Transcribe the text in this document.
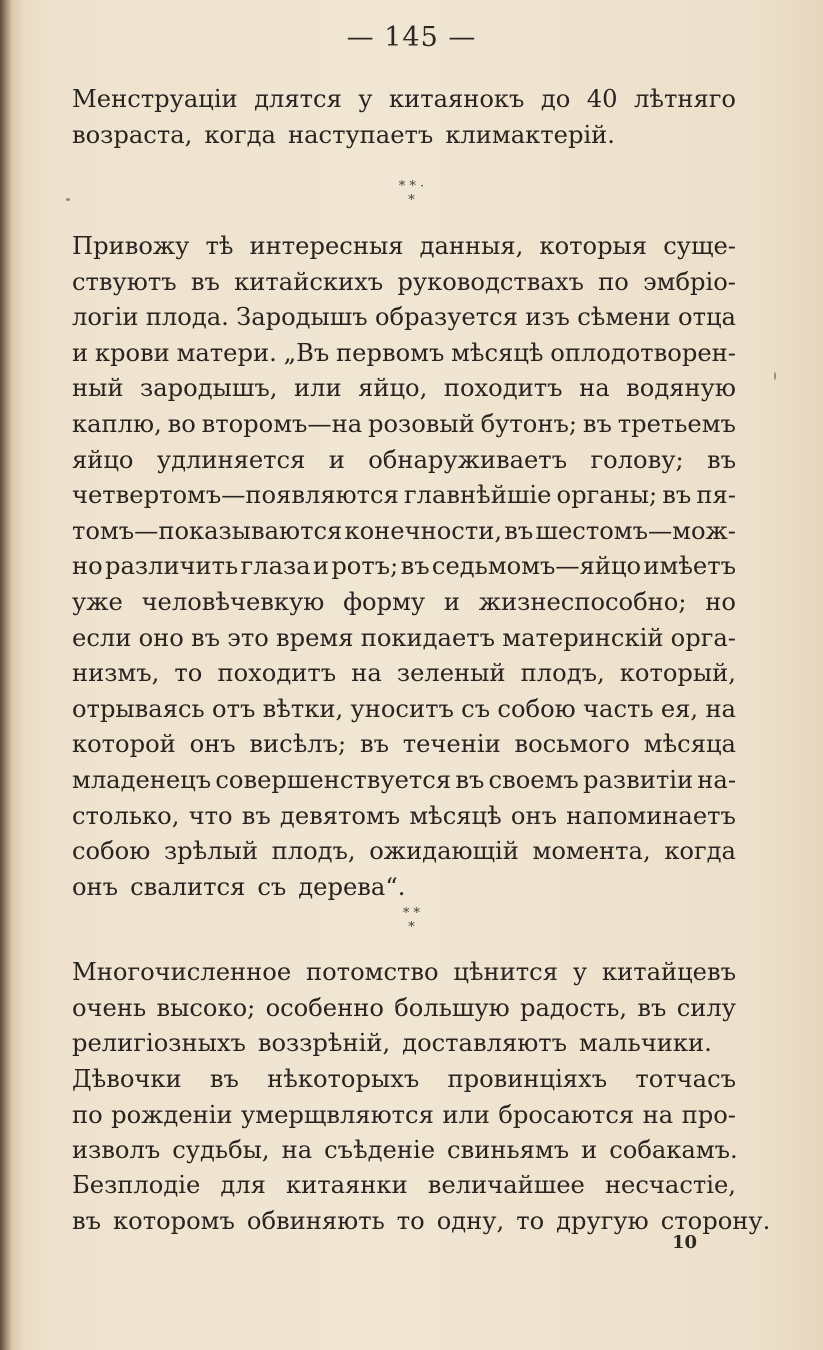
— 145 —
Менструаціи длятся у китаянокъ до 40 лѣтняго
возраста, когда наступаетъ климактерій.
* * ·
*
Привожу тѣ интересныя данныя, которыя суще-
ствуютъ въ китайскихъ руководствахъ по эмбріо-
логіи плода. Зародышъ образуется изъ сѣмени отца
и крови матери. „Въ первомъ мѣсяцѣ оплодотворен-
ный зародышъ, или яйцо, походитъ на водяную
каплю, во второмъ—на розовый бутонъ; въ третьемъ
яйцо удлиняется и обнаруживаетъ голову; въ
четвертомъ—появляются главнѣйшіе органы; въ пя-
томъ—показываются конечности, въ шестомъ—мож-
но различить глаза и ротъ; въ седьмомъ—яйцо имѣетъ
уже человѣчевкую форму и жизнеспособно; но
если оно въ это время покидаетъ материнскій орга-
низмъ, то походитъ на зеленый плодъ, который,
отрываясь отъ вѣтки, уноситъ съ собою часть ея, на
которой онъ висѣлъ; въ теченіи восьмого мѣсяца
младенецъ совершенствуется въ своемъ развитіи на-
столько, что въ девятомъ мѣсяцѣ онъ напоминаетъ
собою зрѣлый плодъ, ожидающій момента, когда
онъ свалится съ дерева“.
* *
*
Многочисленное потомство цѣнится у китайцевъ
очень высоко; особенно большую радость, въ силу
религіозныхъ воззрѣній, доставляютъ мальчики.
Дѣвочки въ нѣкоторыхъ провинціяхъ тотчасъ
по рожденіи умерщвляются или бросаются на про-
изволъ судьбы, на съѣденіе свиньямъ и собакамъ.
Безплодіе для китаянки величайшее несчастіе,
въ которомъ обвиняють то одну, то другую сторону.
10
